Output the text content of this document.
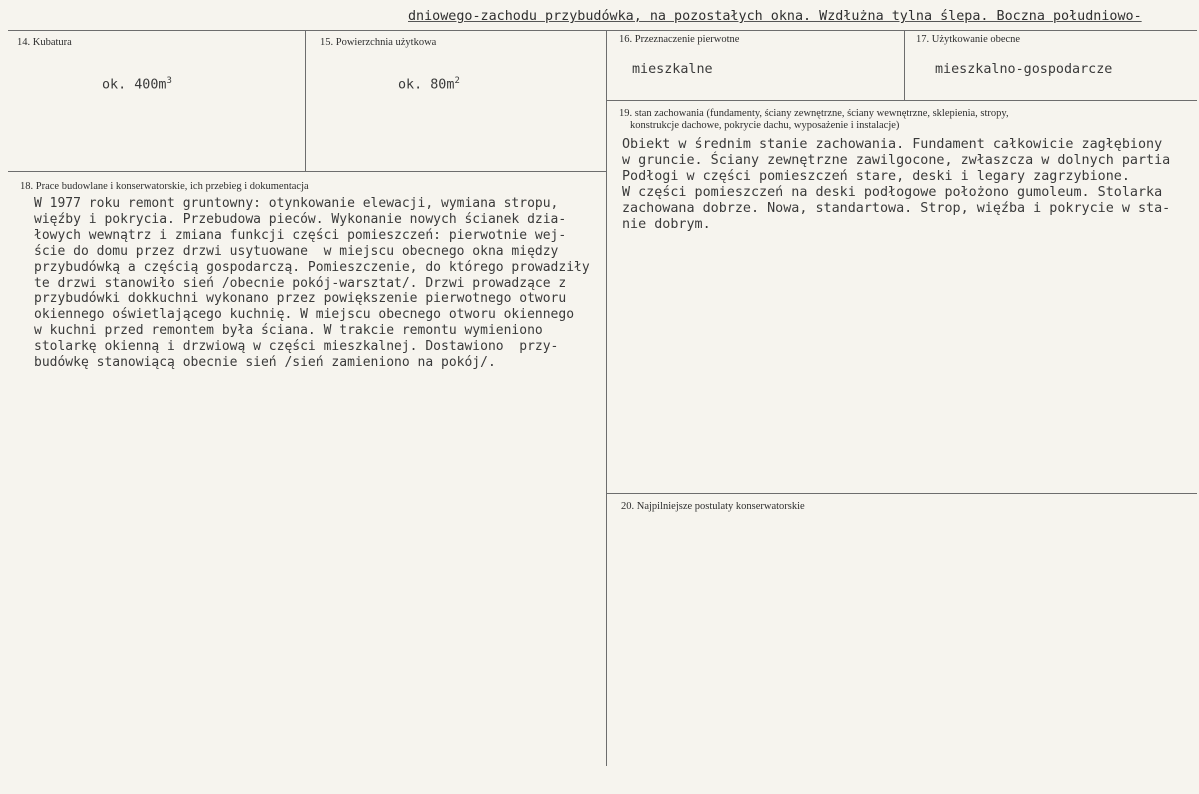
dniowego-zachodu przybudówka, na pozostałych okna. Wzdłużna tylna ślepa. Boczna południowo-
14. Kubatura
ok. $400m^3$
15. Powierzchnia użytkowa
ok. $80m^2$
16. Przeznaczenie pierwotne
mieszkalne
17. Użytkowanie obecne
mieszkalno-gospodarcze
19. stan zachowania (fundamenty, ściany zewnętrzne, ściany wewnętrzne, sklepienia, stropy,
konstrukcje dachowe, pokrycie dachu, wyposażenie i instalacje)
Obiekt w średnim stanie zachowania. Fundament całkowicie zagłębiony
w gruncie. Ściany zewnętrzne zawilgocone, zwłaszcza w dolnych partia
Podłogi w części pomieszczeń stare, deski i legary zagrzybione.
W części pomieszczeń na deski podłogowe położono gumoleum. Stolarka
zachowana dobrze. Nowa, standartowa. Strop, więźba i pokrycie w sta-
nie dobrym.
18. Prace budowlane i konserwatorskie, ich przebieg i dokumentacja
W 1977 roku remont gruntowny: otynkowanie elewacji, wymiana stropu,
więźby i pokrycia. Przebudowa pieców. Wykonanie nowych ścianek dzia-
łowych wewnątrz i zmiana funkcji części pomieszczeń: pierwotnie wej-
ście do domu przez drzwi usytuowane  w miejscu obecnego okna między
przybudówką a częścią gospodarczą. Pomieszczenie, do którego prowadziły
te drzwi stanowiło sień /obecnie pokój-warsztat/. Drzwi prowadzące z
przybudówki dokkuchni wykonano przez powiększenie pierwotnego otworu
okiennego oświetlającego kuchnię. W miejscu obecnego otworu okiennego
w kuchni przed remontem była ściana. W trakcie remontu wymieniono
stolarkę okienną i drzwiową w części mieszkalnej. Dostawiono  przy-
budówkę stanowiącą obecnie sień /sień zamieniono na pokój/.
20. Najpilniejsze postulaty konserwatorskie
